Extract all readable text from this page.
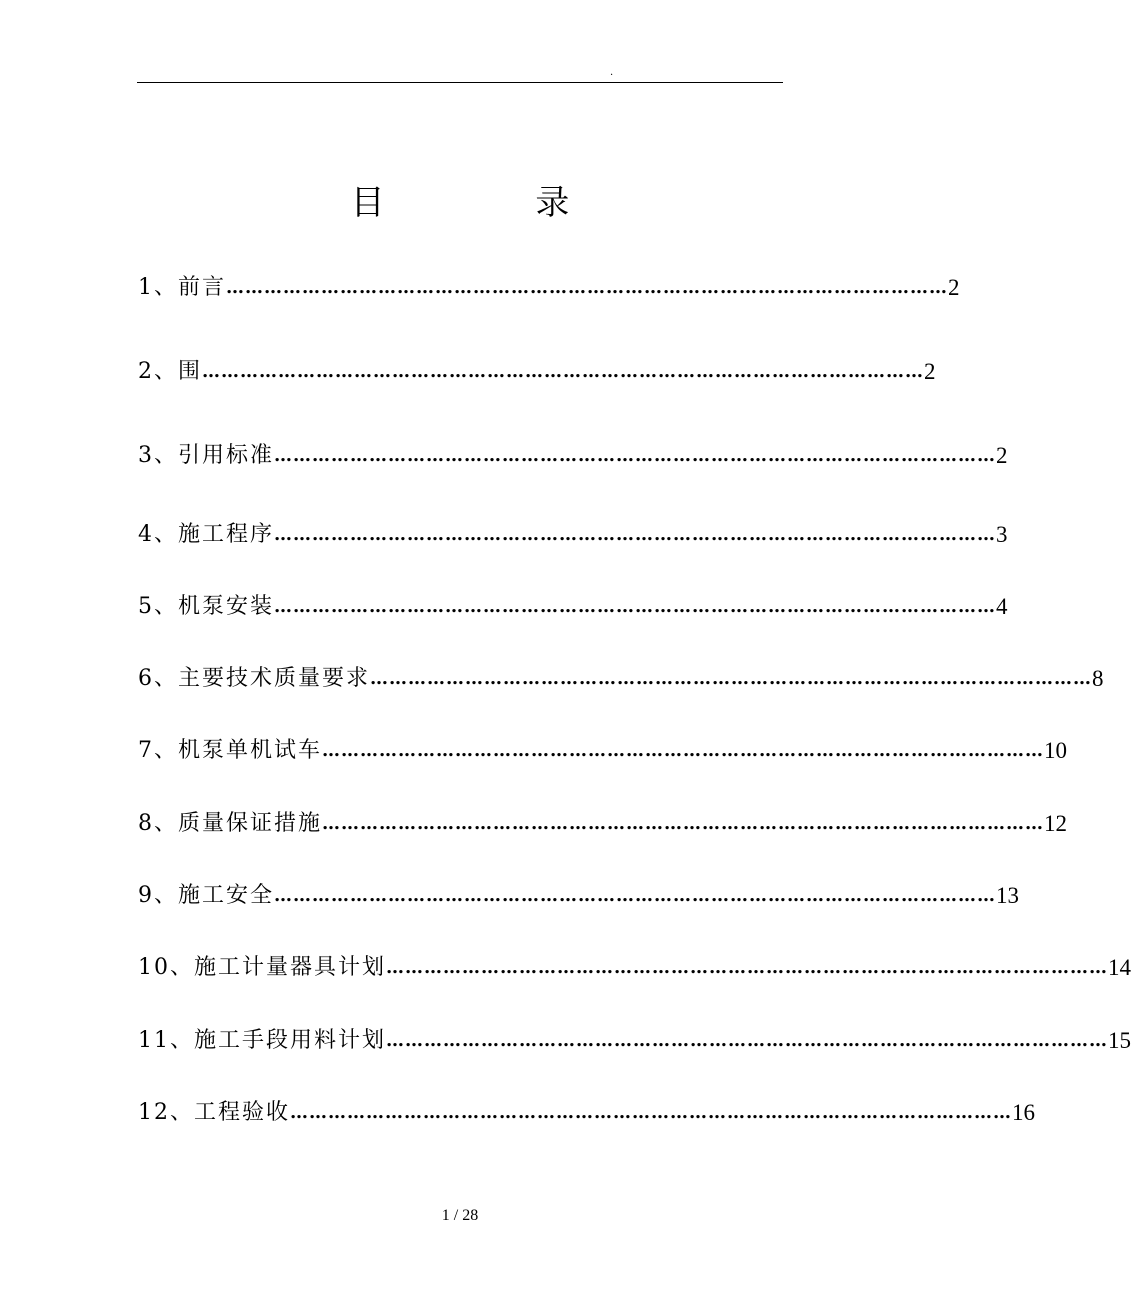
.
目 录
1、前言 …………………………………………………………………………………………………… 2
2、围 …………………………………………………………………………………………………… 2
3、引用标准 …………………………………………………………………………………………………… 2
4、施工程序 …………………………………………………………………………………………………… 3
5、机泵安装 …………………………………………………………………………………………………… 4
6、主要技术质量要求 …………………………………………………………………………………………………… 8
7、机泵单机试车 …………………………………………………………………………………………………… 10
8、质量保证措施 …………………………………………………………………………………………………… 12
9、施工安全 …………………………………………………………………………………………………… 13
10、施工计量器具计划 …………………………………………………………………………………………………… 14
11、施工手段用料计划 …………………………………………………………………………………………………… 15
12、工程验收 …………………………………………………………………………………………………… 16
1 / 28
